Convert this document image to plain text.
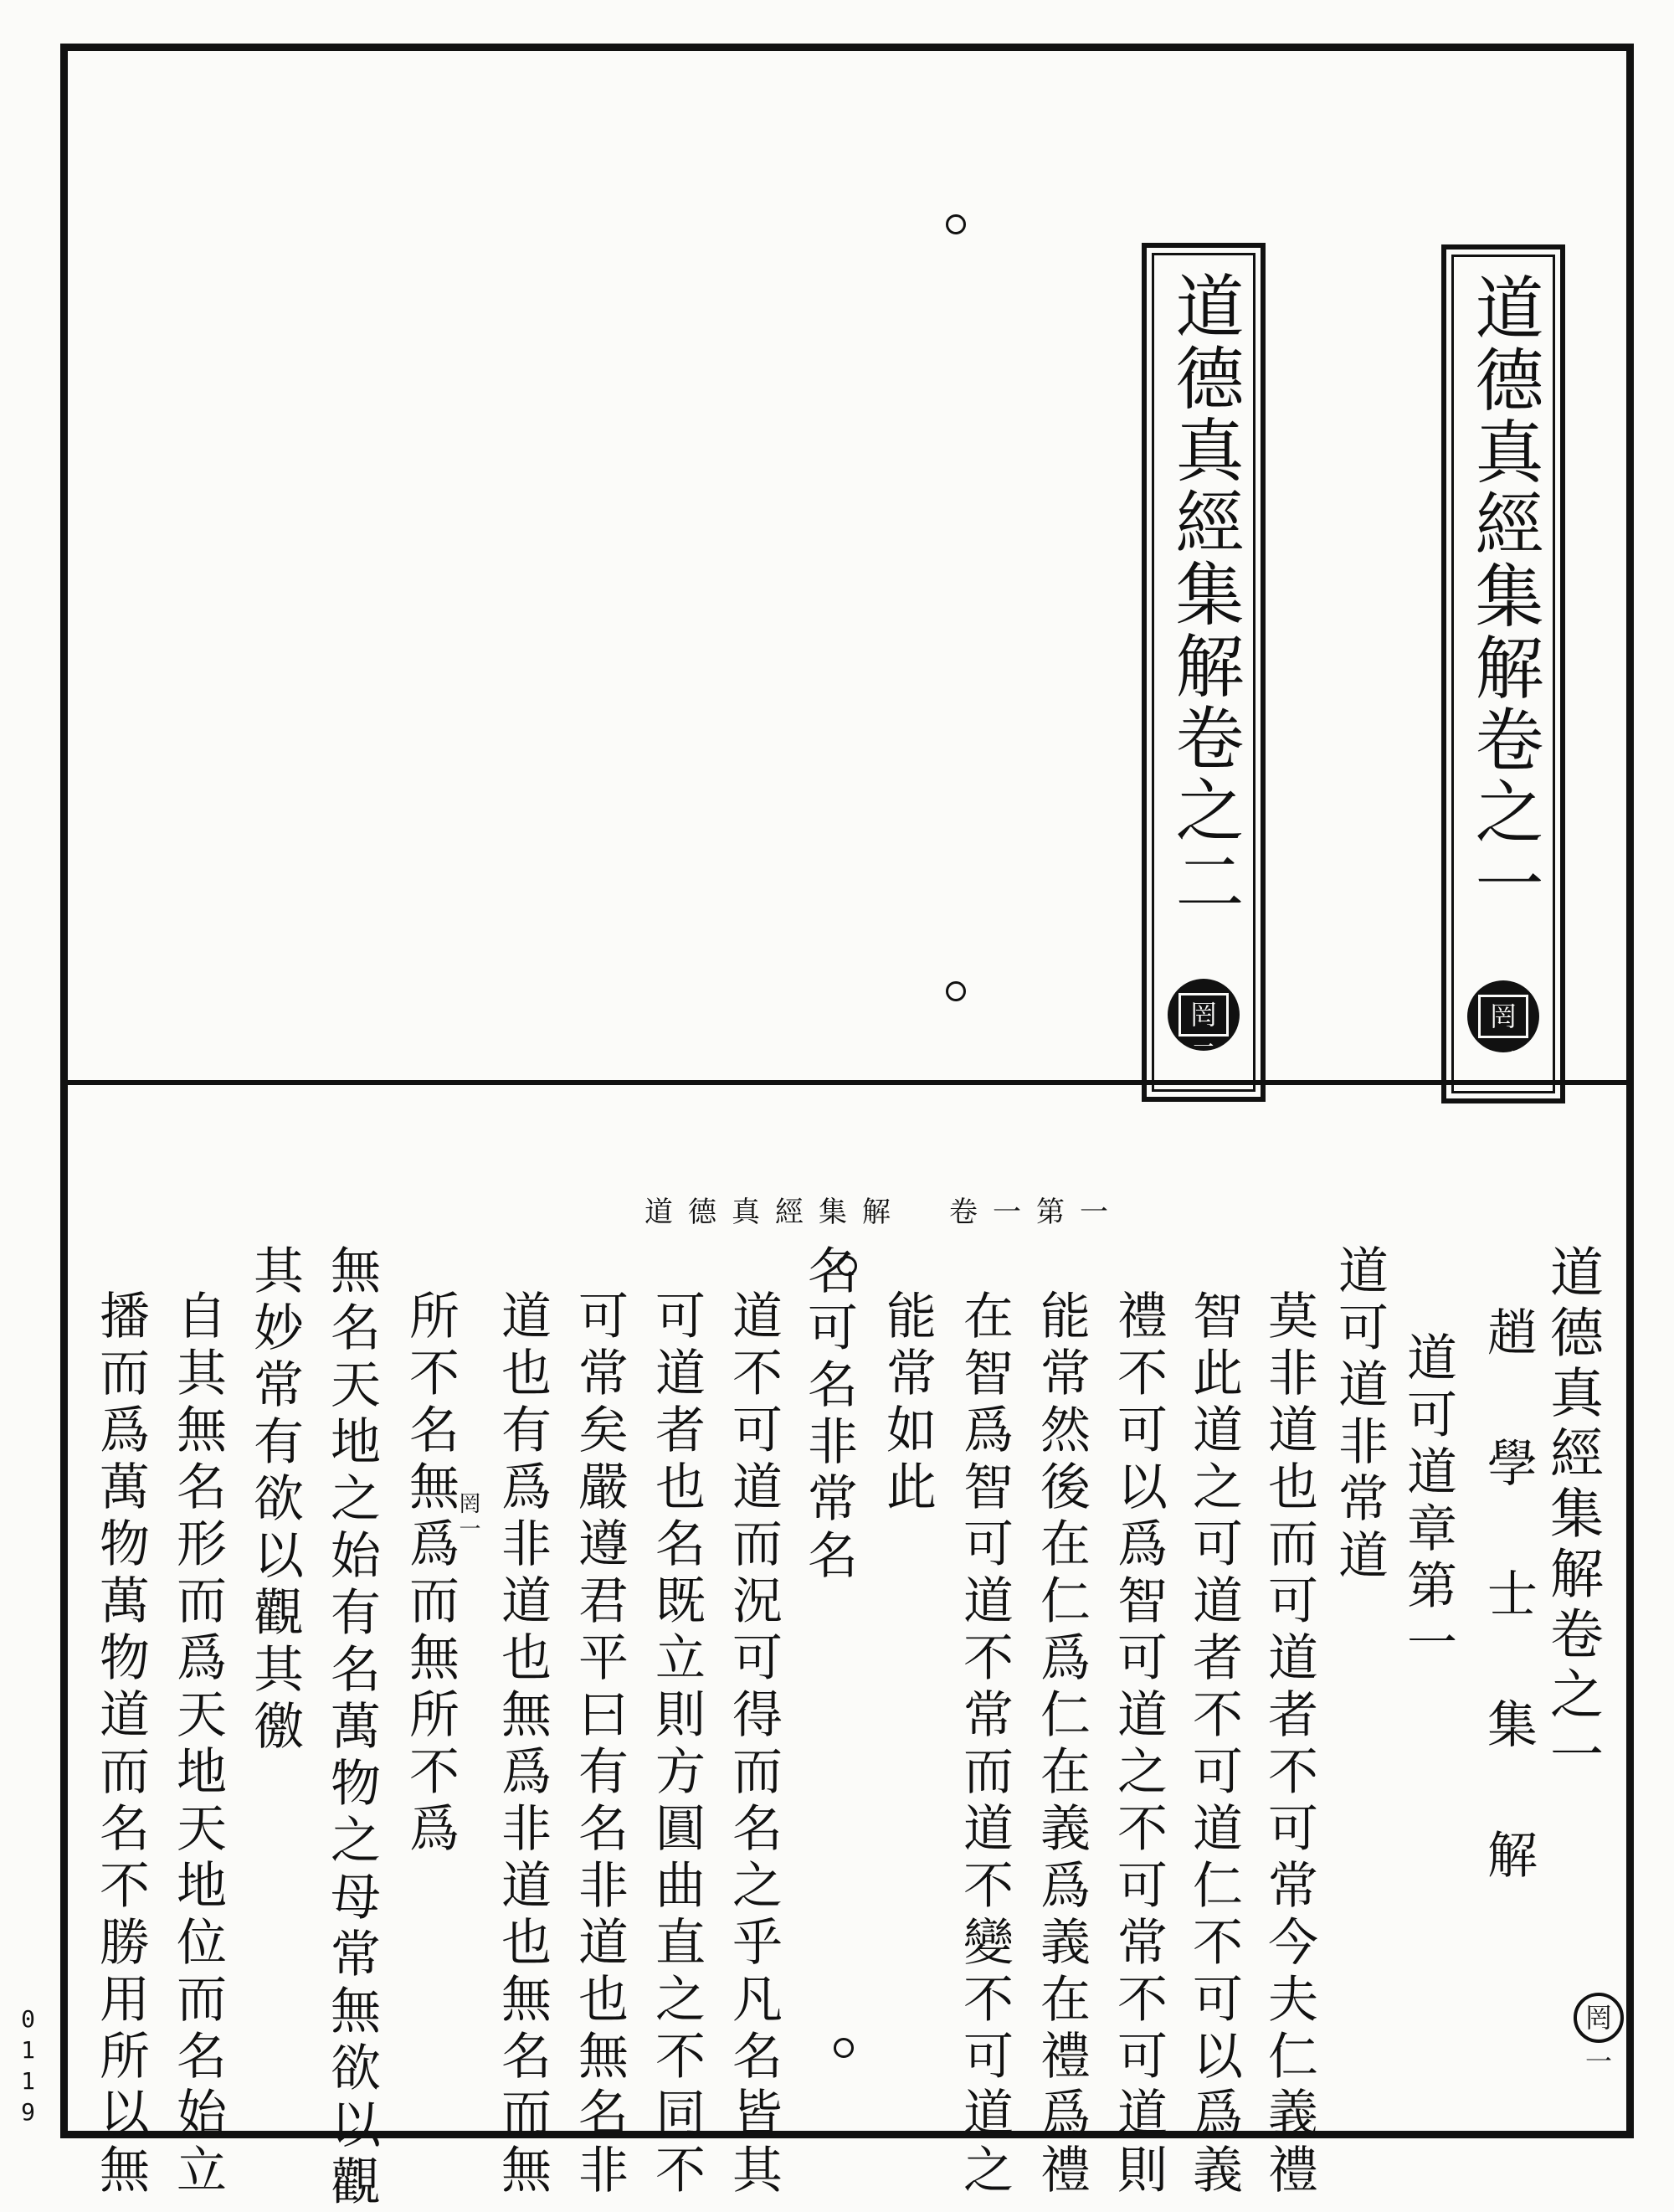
道德真經集解卷之一
罔一
道德真經集解卷之二
罔二
道德真經集解　卷一第一
道德真經集解卷之一
趙學士集解
道可道章第一
道可道非常道
莫非道也而可道者不可常今夫仁義禮
智此道之可道者不可道仁不可以爲義
禮不可以爲智可道之不可常不可道則
能常然後在仁爲仁在義爲義在禮爲禮
在智爲智可道不常而道不變不可道之
能常如此
名可名非常名
道不可道而況可得而名之乎凡名皆其
可道者也名既立則方圓曲直之不同不
可常矣嚴遵君平曰有名非道也無名非
道也有爲非道也無爲非道也無名而無
所不名無爲而無所不爲
無名天地之始有名萬物之母常無欲以觀
其妙常有欲以觀其徼
自其無名形而爲天地天地位而名始立
播而爲萬物萬物道而名不勝用所以無	罔一
罔一
0119
